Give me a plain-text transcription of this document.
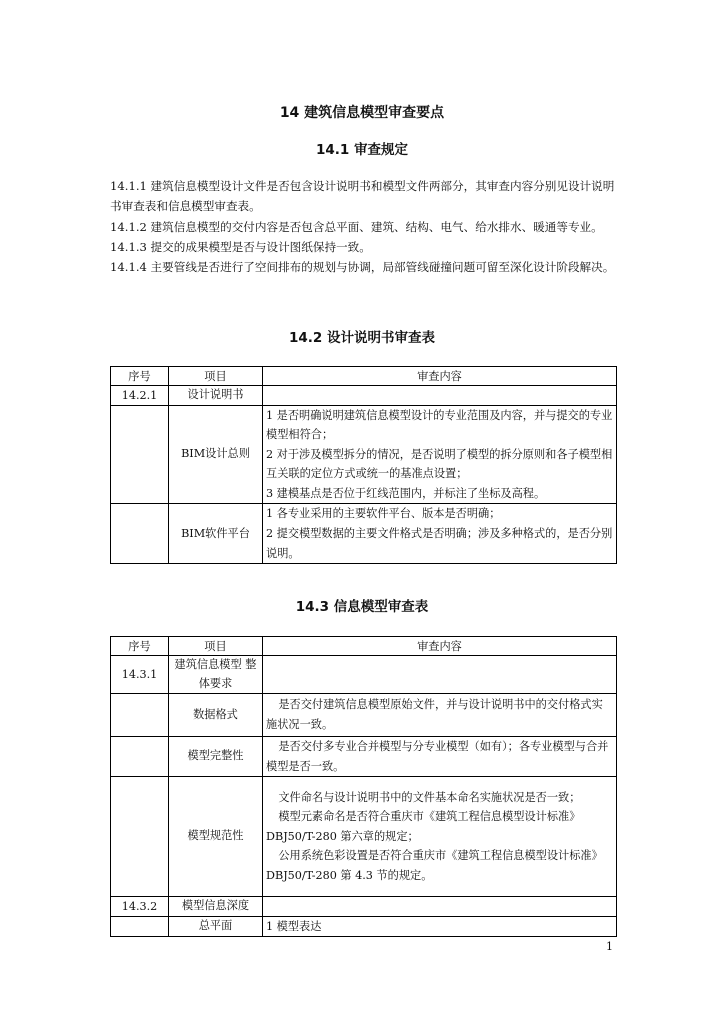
14 建筑信息模型审查要点
14.1 审查规定

14.1.1 建筑信息模型设计文件是否包含设计说明书和模型文件两部分，其审查内容分别见设计说明书审查表和信息模型审查表。

14.1.2 建筑信息模型的交付内容是否包含总平面、建筑、结构、电气、给水排水、暖通等专业。

14.1.3 提交的成果模型是否与设计图纸保持一致。

14.1.4 主要管线是否进行了空间排布的规划与协调，局部管线碰撞问题可留至深化设计阶段解决。

14.2 设计说明书审查表
序号	项目	审查内容
14.2.1	设计说明书	
	BIM设计总则	1 是否明确说明建筑信息模型设计的专业范围及内容，并与提交的专业模型相符合；
2 对于涉及模型拆分的情况，是否说明了模型的拆分原则和各子模型相互关联的定位方式或统一的基准点设置；
3 建模基点是否位于红线范围内，并标注了坐标及高程。

	BIM软件平台	1 各专业采用的主要软件平台、版本是否明确；
2 提交模型数据的主要文件格式是否明确；涉及多种格式的，是否分别说明。
14.3 信息模型审查表
序号	项目	审查内容
14.3.1	建筑信息模型 整体要求	
	数据格式	是否交付建筑信息模型原始文件，并与设计说明书中的交付格式实施状况一致。
	模型完整性	是否交付多专业合并模型与分专业模型（如有）；各专业模型与合并模型是否一致。
	模型规范性	文件命名与设计说明书中的文件基本命名实施状况是否一致；
模型元素命名是否符合重庆市《建筑工程信息模型设计标准》DBJ50/T-280 第六章的规定；
公用系统色彩设置是否符合重庆市《建筑工程信息模型设计标准》DBJ50/T-280 第 4.3 节的规定。

14.3.2	模型信息深度	
	总平面	1 模型表达
1
